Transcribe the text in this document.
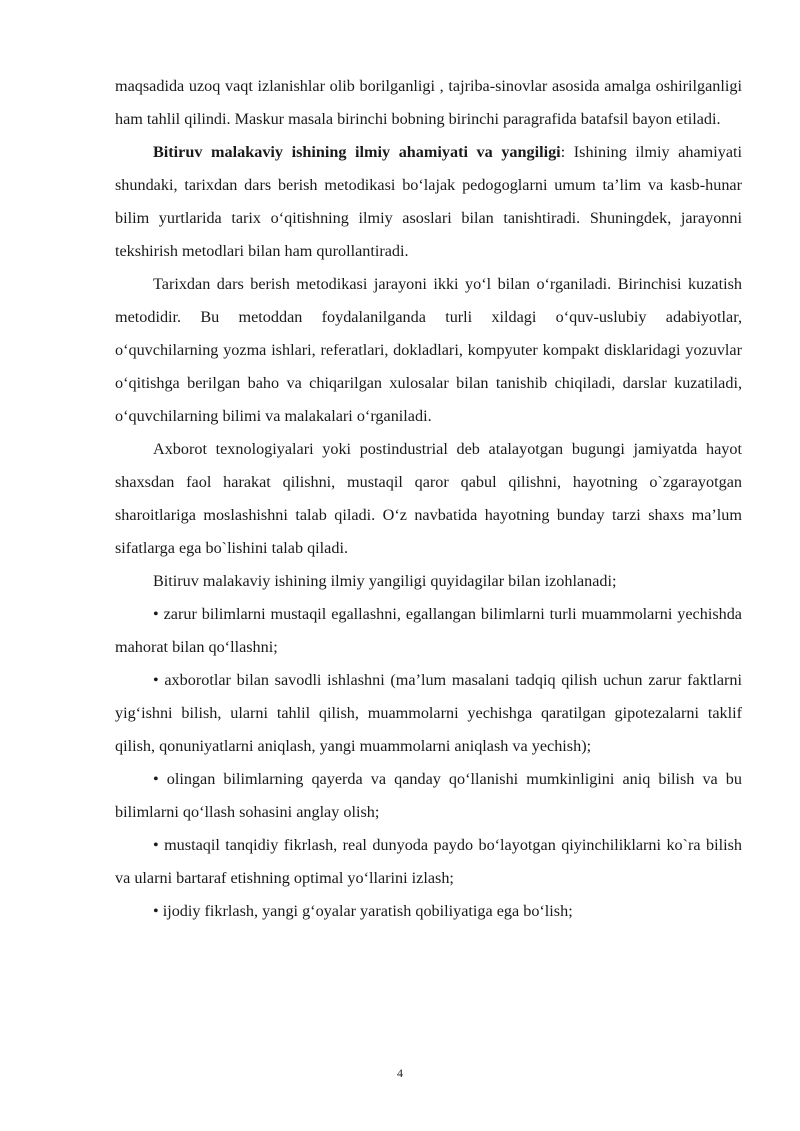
maqsadida uzoq vaqt izlanishlar olib borilganligi , tajriba-sinovlar asosida amalga oshirilganligi ham tahlil qilindi. Maskur masala birinchi bobning birinchi paragrafida batafsil bayon etiladi.

Bitiruv malakaviy ishining ilmiy ahamiyati va yangiligi: Ishining ilmiy ahamiyati shundaki, tarixdan dars berish metodikasi bo‘lajak pedogoglarni umum ta’lim va kasb-hunar bilim yurtlarida tarix o‘qitishning ilmiy asoslari bilan tanishtiradi. Shuningdek, jarayonni tekshirish metodlari bilan ham qurollantiradi.

Tarixdan dars berish metodikasi jarayoni ikki yo‘l bilan o‘rganiladi. Birinchisi kuzatish metodidir. Bu metoddan foydalanilganda turli xildagi o‘quv-uslubiy adabiyotlar, o‘quvchilarning yozma ishlari, referatlari, dokladlari, kompyuter kompakt disklaridagi yozuvlar o‘qitishga berilgan baho va chiqarilgan xulosalar bilan tanishib chiqiladi, darslar kuzatiladi, o‘quvchilarning bilimi va malakalari o‘rganiladi.

Axborot texnologiyalari yoki postindustrial deb atalayotgan bugungi jamiyatda hayot shaxsdan faol harakat qilishni, mustaqil qaror qabul qilishni, hayotning o`zgarayotgan sharoitlariga moslashishni talab qiladi. O‘z navbatida hayotning bunday tarzi shaxs ma’lum sifatlarga ega bo`lishini talab qiladi.

Bitiruv malakaviy ishining ilmiy yangiligi quyidagilar bilan izohlanadi;

• zarur bilimlarni mustaqil egallashni, egallangan bilimlarni turli muammolarni yechishda mahorat bilan qo‘llashni;

• axborotlar bilan savodli ishlashni (ma’lum masalani tadqiq qilish uchun zarur faktlarni yig‘ishni bilish, ularni tahlil qilish, muammolarni yechishga qaratilgan gipotezalarni taklif qilish, qonuniyatlarni aniqlash, yangi muammolarni aniqlash va yechish);

• olingan bilimlarning qayerda va qanday qo‘llanishi mumkinligini aniq bilish va bu bilimlarni qo‘llash sohasini anglay olish;

• mustaqil tanqidiy fikrlash, real dunyoda paydo bo‘layotgan qiyinchiliklarni ko`ra bilish va ularni bartaraf etishning optimal yo‘llarini izlash;

• ijodiy fikrlash, yangi g‘oyalar yaratish qobiliyatiga ega bo‘lish;

4
